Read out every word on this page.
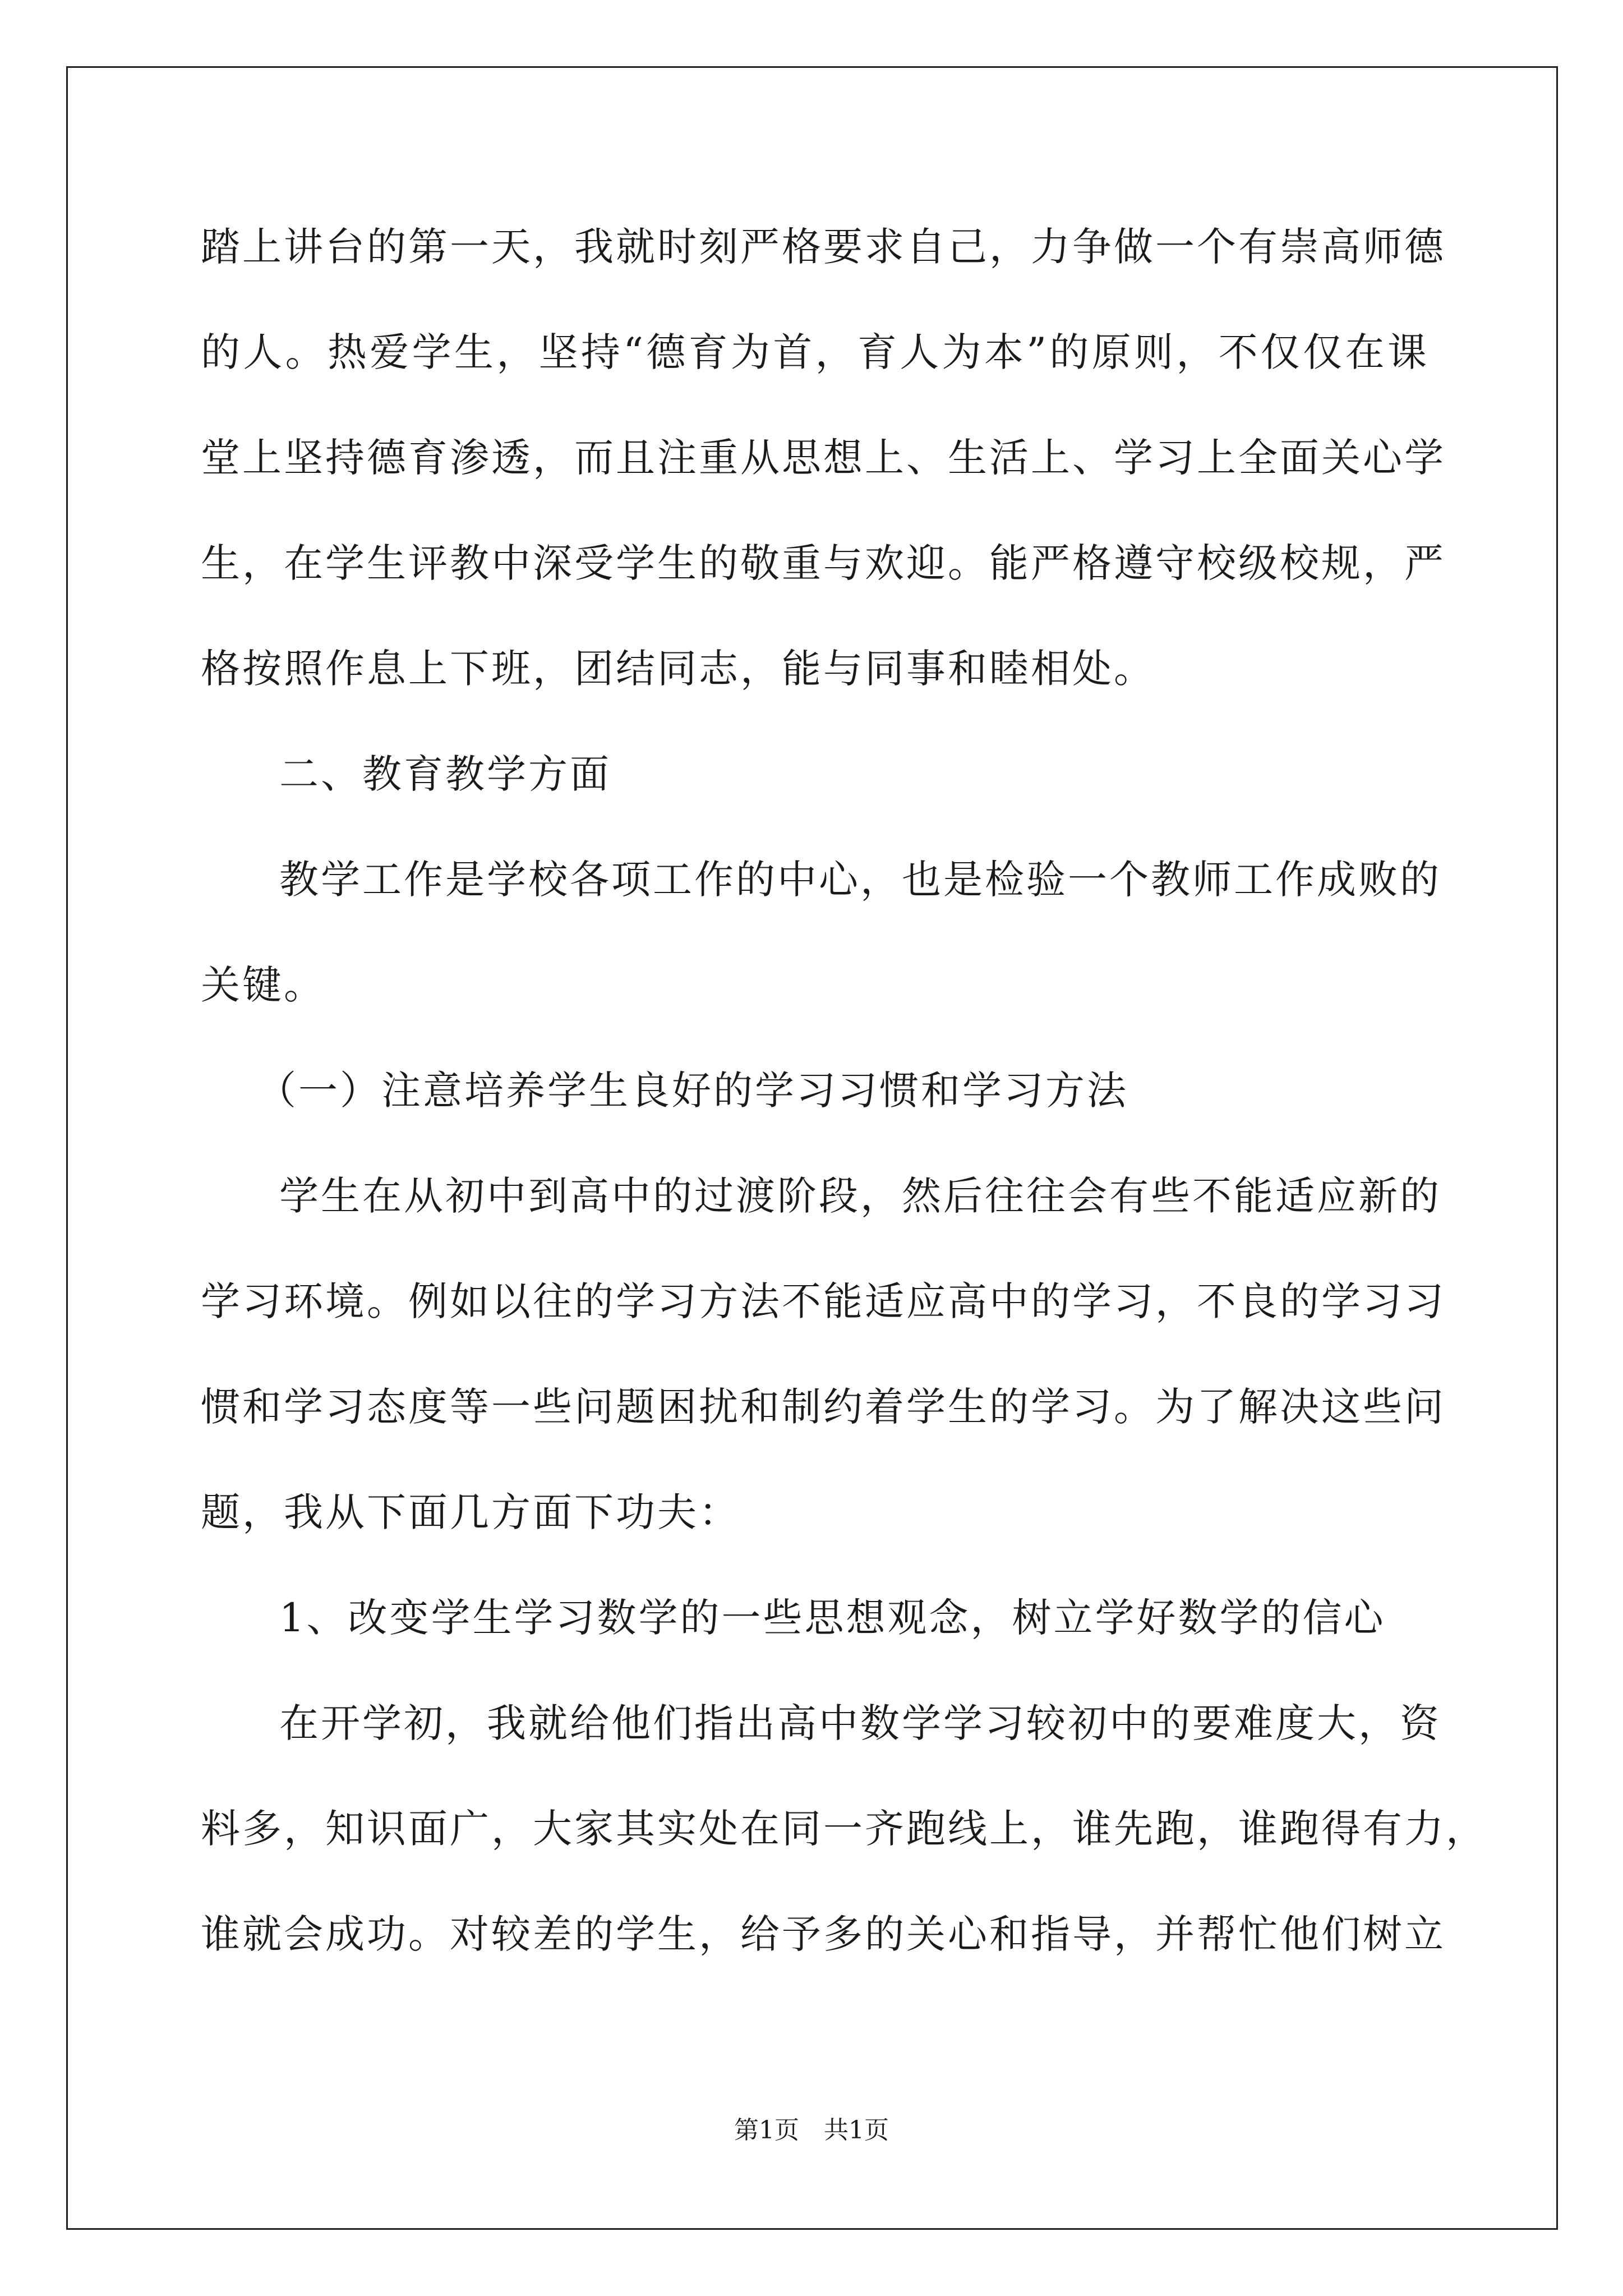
踏上讲台的第一天，我就时刻严格要求自己，力争做一个有崇高师德
的人。热爱学生，坚持“德育为首，育人为本”的原则，不仅仅在课
堂上坚持德育渗透，而且注重从思想上、生活上、学习上全面关心学
生，在学生评教中深受学生的敬重与欢迎。能严格遵守校级校规，严
格按照作息上下班，团结同志，能与同事和睦相处。
二、教育教学方面
教学工作是学校各项工作的中心，也是检验一个教师工作成败的
关键。
（一）注意培养学生良好的学习习惯和学习方法
学生在从初中到高中的过渡阶段，然后往往会有些不能适应新的
学习环境。例如以往的学习方法不能适应高中的学习，不良的学习习
惯和学习态度等一些问题困扰和制约着学生的学习。为了解决这些问
题，我从下面几方面下功夫：
1、改变学生学习数学的一些思想观念，树立学好数学的信心
在开学初，我就给他们指出高中数学学习较初中的要难度大，资
料多，知识面广，大家其实处在同一齐跑线上，谁先跑，谁跑得有力，
谁就会成功。对较差的学生，给予多的关心和指导，并帮忙他们树立
第1页　共1页
